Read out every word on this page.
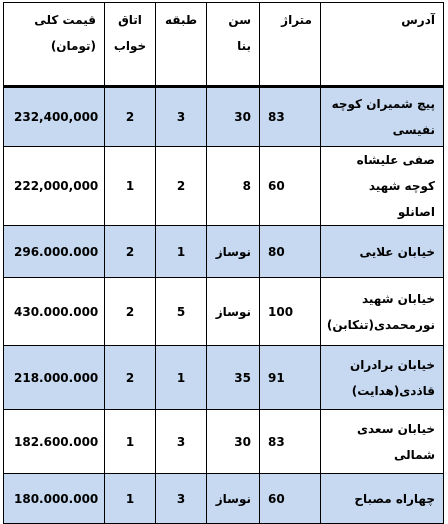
آدرس	متراژ	سن بنا	طبقه	اتاق خواب	قیمت کلی
(تومان)

پیچ شمیران کوچه نفیسی	83	30	3	2	232,400,000
صفی علیشاه کوچه شهید اصانلو	60	8	2	1	222,000,000
خیابان علایی	80	نوساز	1	2	296.000.000
خیابان شهید نورمحمدی(تنکابن)	100	نوساز	5	2	430.000.000
خیابان برادران قاذدی(هدایت)	91	35	1	2	218.000.000
خیابان سعدی شمالی	83	30	3	1	182.600.000
چهاراه مصباح	60	نوساز	3	1	180.000.000
